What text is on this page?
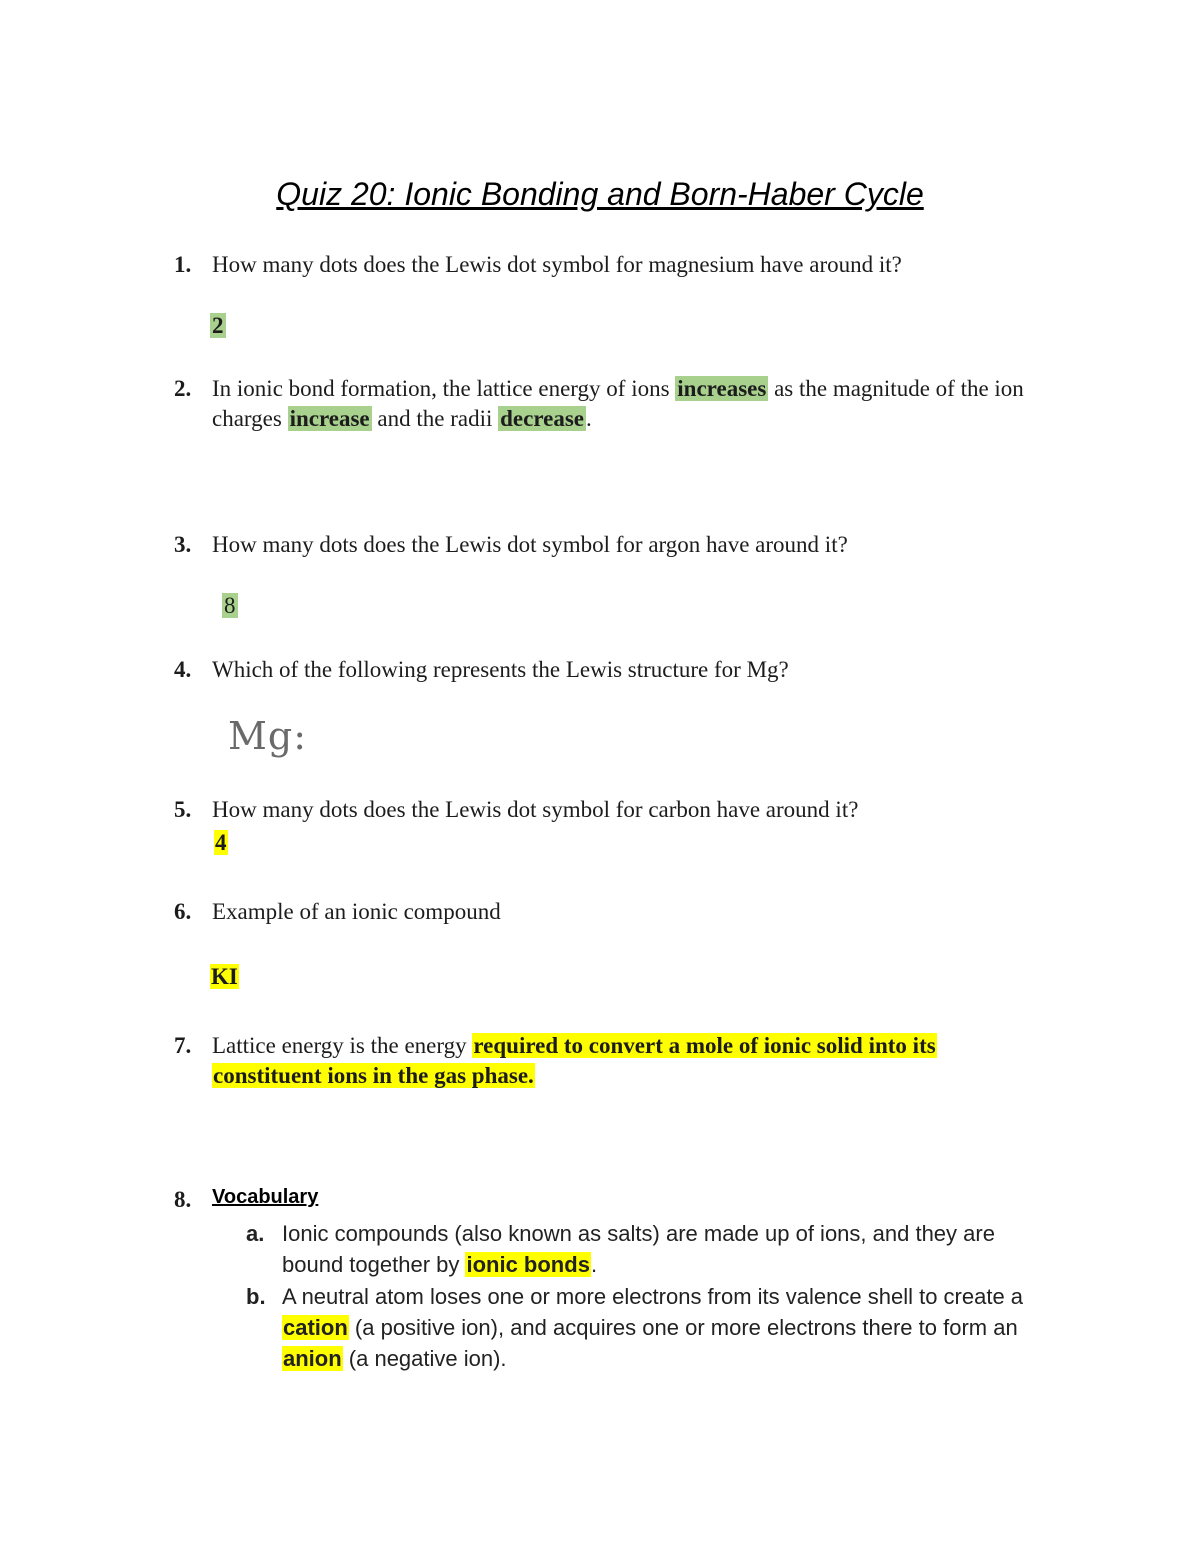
Quiz 20: Ionic Bonding and Born-Haber Cycle
1. How many dots does the Lewis dot symbol for magnesium have around it?
2
2. In ionic bond formation, the lattice energy of ions increases as the magnitude of the ion charges increase and the radii decrease.
3. How many dots does the Lewis dot symbol for argon have around it?
8
4. Which of the following represents the Lewis structure for Mg?
Mg:
5. How many dots does the Lewis dot symbol for carbon have around it?
4
6. Example of an ionic compound
KI
7. Lattice energy is the energy required to convert a mole of ionic solid into its
constituent ions in the gas phase.
8. Vocabulary
a. Ionic compounds (also known as salts) are made up of ions, and they are bound together by ionic bonds.
b. A neutral atom loses one or more electrons from its valence shell to create a cation (a positive ion), and acquires one or more electrons there to form an anion (a negative ion).
